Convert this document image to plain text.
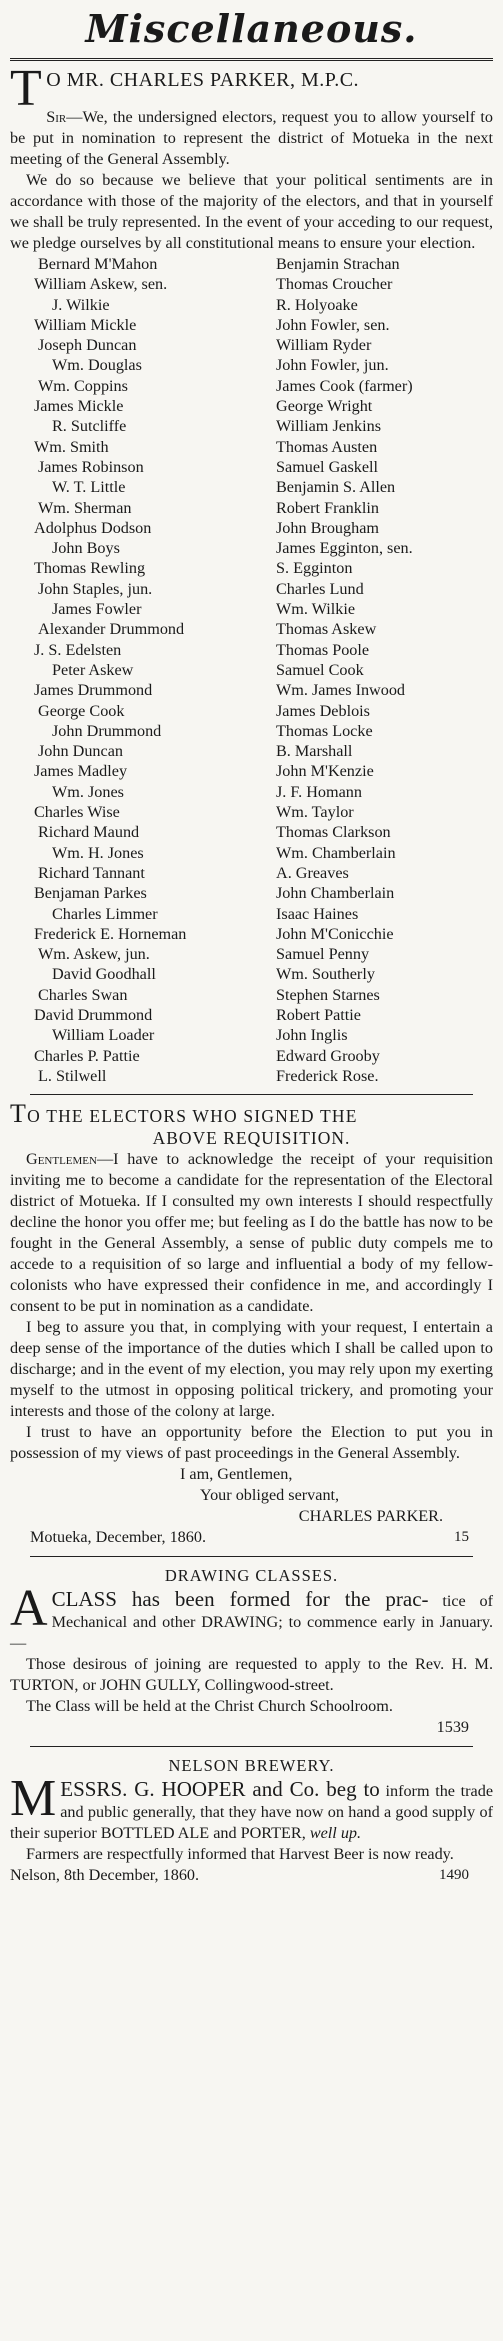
Miscellaneous.
T O MR. CHARLES PARKER, M.P.C.

Sir—We, the undersigned electors, request you to allow yourself to be put in nomination to represent the district of Motueka in the next meeting of the General Assembly.

We do so because we believe that your political sentiments are in accordance with those of the majority of the electors, and that in yourself we shall be truly represented. In the event of your acceding to our request, we pledge ourselves by all constitutional means to ensure your election.

Bernard M'Mahon
William Askew, sen.
J. Wilkie
William Mickle
Joseph Duncan
Wm. Douglas
Wm. Coppins
James Mickle
R. Sutcliffe
Wm. Smith
James Robinson
W. T. Little
Wm. Sherman
Adolphus Dodson
John Boys
Thomas Rewling
John Staples, jun.
James Fowler
Alexander Drummond
J. S. Edelsten
Peter Askew
James Drummond
George Cook
John Drummond
John Duncan
James Madley
Wm. Jones
Charles Wise
Richard Maund
Wm. H. Jones
Richard Tannant
Benjaman Parkes
Charles Limmer
Frederick E. Horneman
Wm. Askew, jun.
David Goodhall
Charles Swan
David Drummond
William Loader
Charles P. Pattie
L. Stilwell
Benjamin Strachan
Thomas Croucher
R. Holyoake
John Fowler, sen.
William Ryder
John Fowler, jun.
James Cook (farmer)
George Wright
William Jenkins
Thomas Austen
Samuel Gaskell
Benjamin S. Allen
Robert Franklin
John Brougham
James Egginton, sen.
S. Egginton
Charles Lund
Wm. Wilkie
Thomas Askew
Thomas Poole
Samuel Cook
Wm. James Inwood
James Deblois
Thomas Locke
B. Marshall
John M'Kenzie
J. F. Homann
Wm. Taylor
Thomas Clarkson
Wm. Chamberlain
A. Greaves
John Chamberlain
Isaac Haines
John M'Conicchie
Samuel Penny
Wm. Southerly
Stephen Starnes
Robert Pattie
John Inglis
Edward Grooby
Frederick Rose.
TO THE ELECTORS WHO SIGNED THE
ABOVE REQUISITION.

Gentlemen—I have to acknowledge the receipt of your requisition inviting me to become a candidate for the representation of the Electoral district of Motueka. If I consulted my own interests I should respectfully decline the honor you offer me; but feeling as I do the battle has now to be fought in the General Assembly, a sense of public duty compels me to accede to a requisition of so large and influential a body of my fellow-colonists who have expressed their confidence in me, and accordingly I consent to be put in nomination as a candidate.

I beg to assure you that, in complying with your request, I entertain a deep sense of the importance of the duties which I shall be called upon to discharge; and in the event of my election, you may rely upon my exerting myself to the utmost in opposing political trickery, and promoting your interests and those of the colony at large.

I trust to have an opportunity before the Election to put you in possession of my views of past proceedings in the General Assembly.

I am, Gentlemen,

Your obliged servant,

CHARLES PARKER.

Motueka, December, 1860.	15
DRAWING CLASSES.

A CLASS has been formed for the prac- tice of Mechanical and other DRAWING; to commence early in January.—

Those desirous of joining are requested to apply to the Rev. H. M. TURTON, or JOHN GULLY, Collingwood-street.

The Class will be held at the Christ Church Schoolroom.

1539

NELSON BREWERY.

MESSRS. G. HOOPER and Co. beg to inform the trade and public generally, that they have now on hand a good supply of their superior BOTTLED ALE and PORTER, well up.

Farmers are respectfully informed that Harvest Beer is now ready.

Nelson, 8th December, 1860.	1490
